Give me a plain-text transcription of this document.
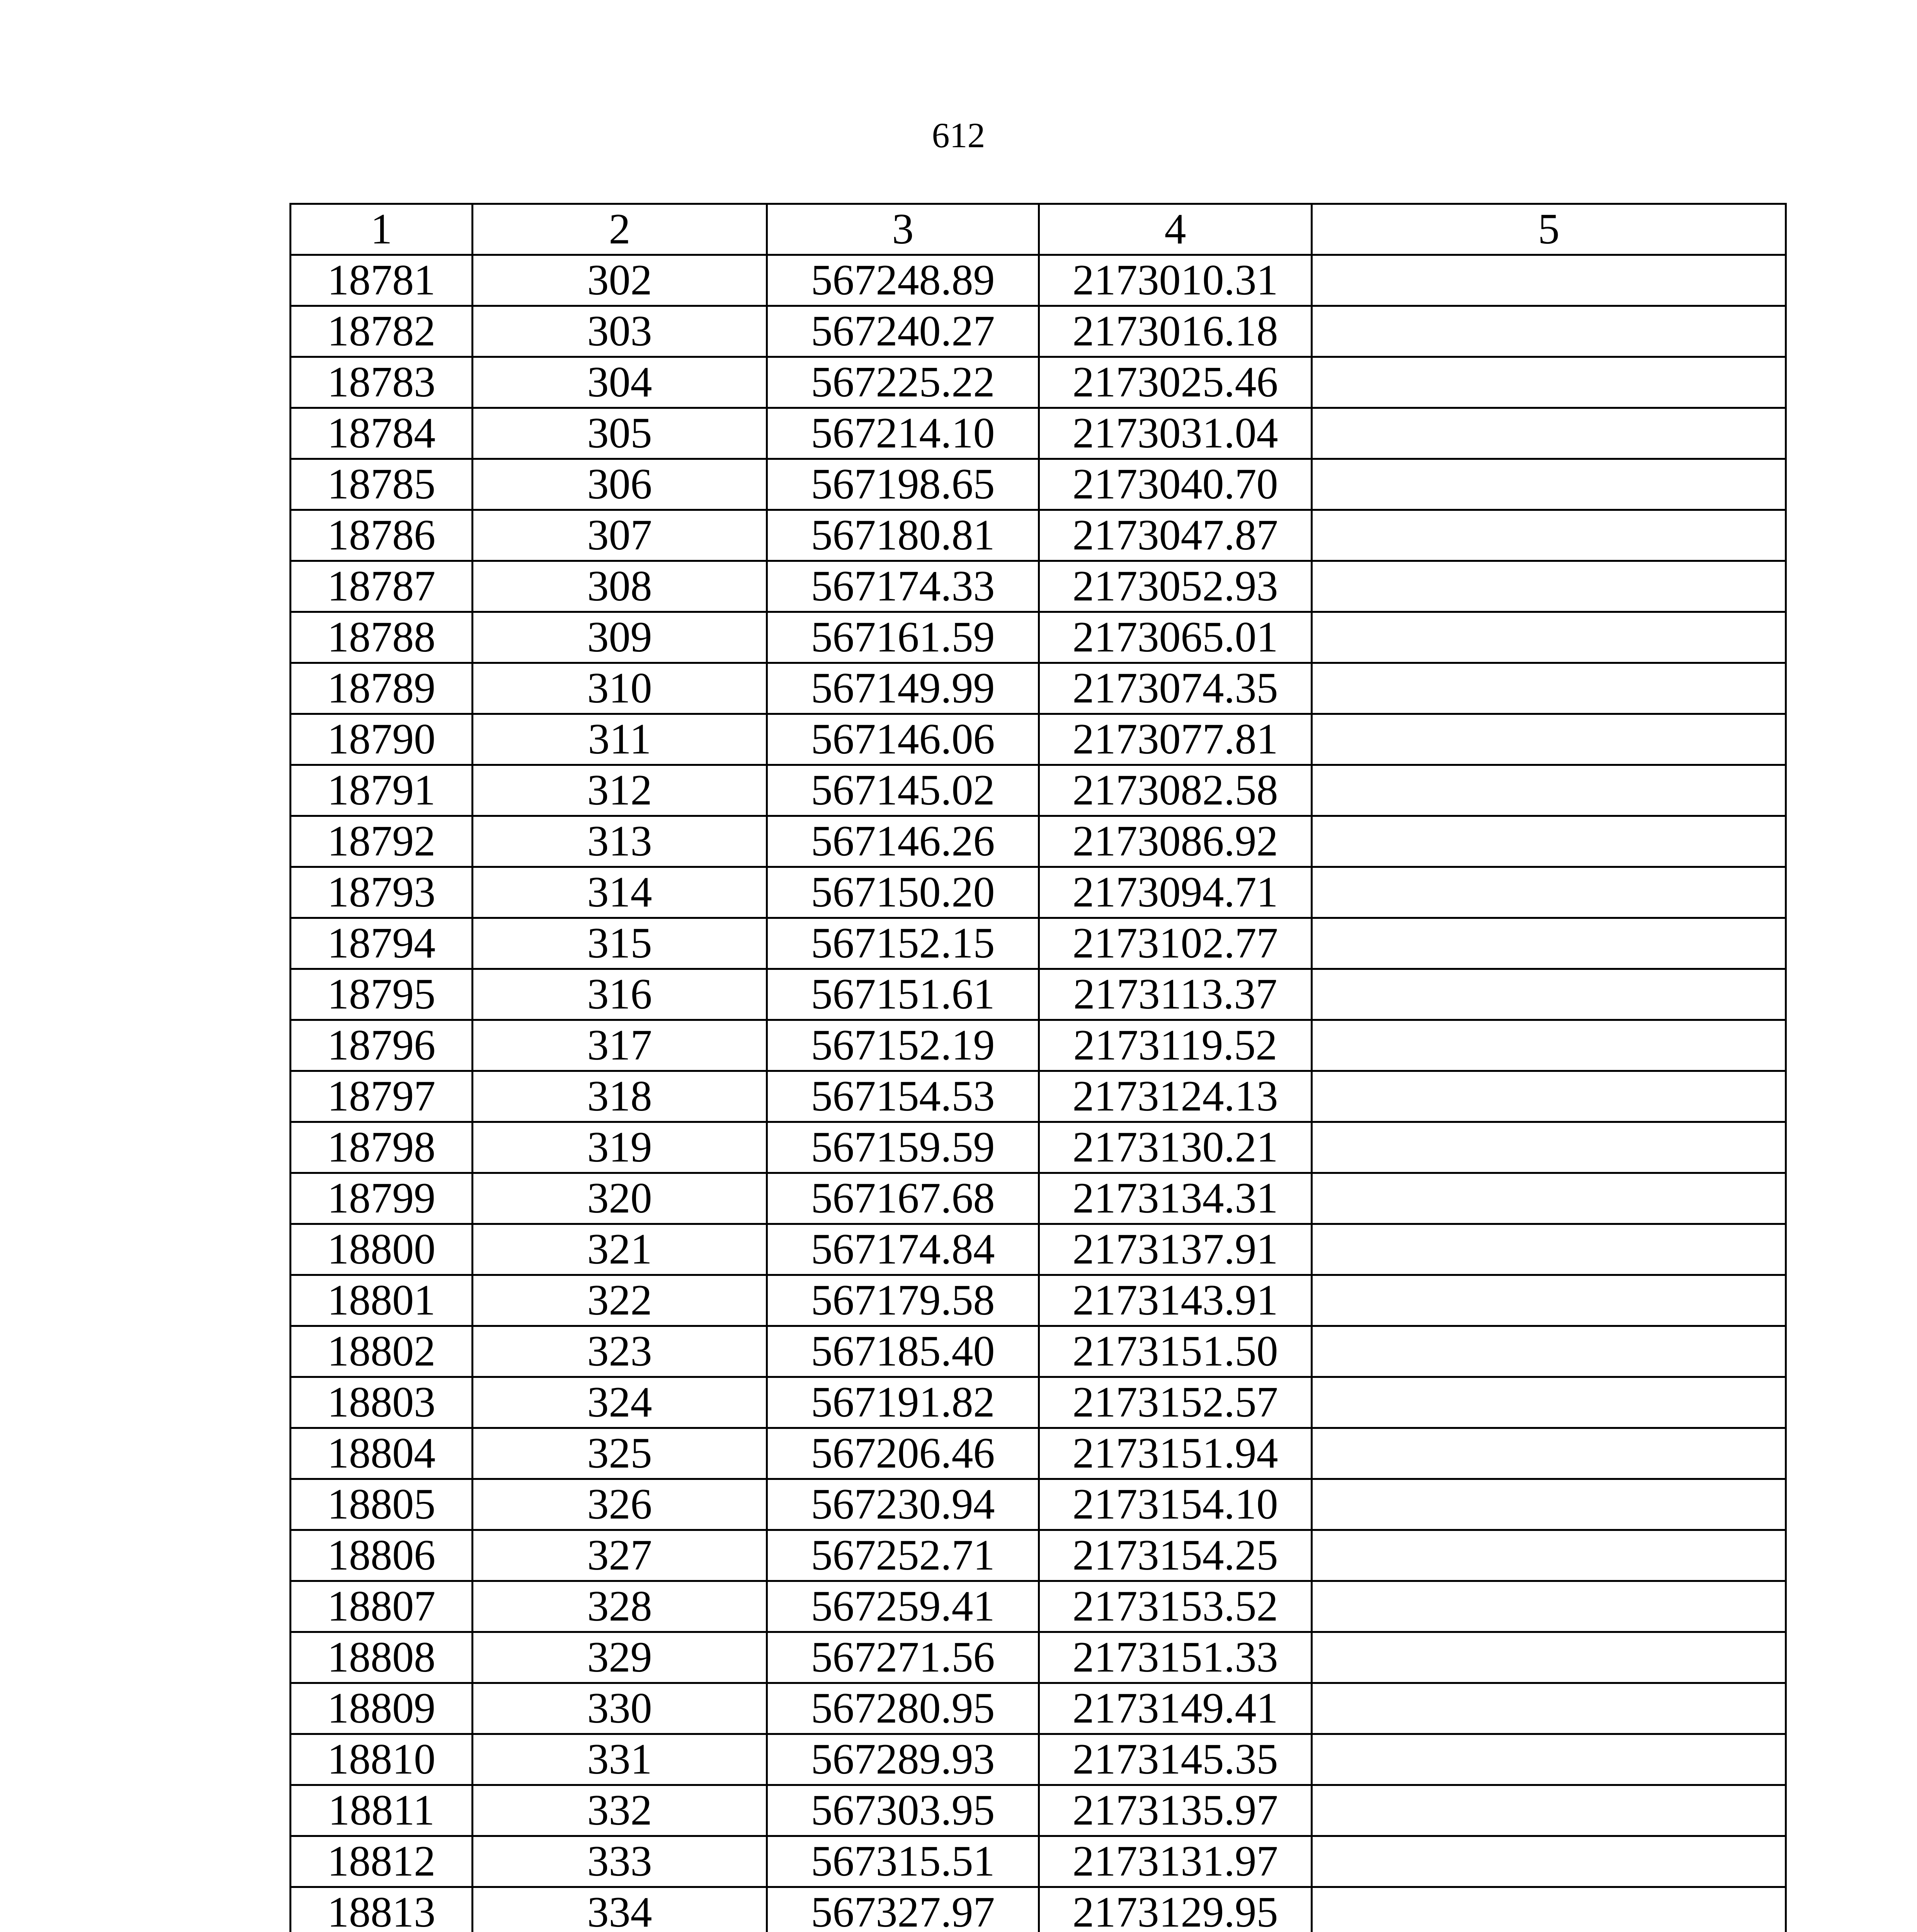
612
1	2	3	4	5
18781	302	567248.89	2173010.31	
18782	303	567240.27	2173016.18	
18783	304	567225.22	2173025.46	
18784	305	567214.10	2173031.04	
18785	306	567198.65	2173040.70	
18786	307	567180.81	2173047.87	
18787	308	567174.33	2173052.93	
18788	309	567161.59	2173065.01	
18789	310	567149.99	2173074.35	
18790	311	567146.06	2173077.81	
18791	312	567145.02	2173082.58	
18792	313	567146.26	2173086.92	
18793	314	567150.20	2173094.71	
18794	315	567152.15	2173102.77	
18795	316	567151.61	2173113.37	
18796	317	567152.19	2173119.52	
18797	318	567154.53	2173124.13	
18798	319	567159.59	2173130.21	
18799	320	567167.68	2173134.31	
18800	321	567174.84	2173137.91	
18801	322	567179.58	2173143.91	
18802	323	567185.40	2173151.50	
18803	324	567191.82	2173152.57	
18804	325	567206.46	2173151.94	
18805	326	567230.94	2173154.10	
18806	327	567252.71	2173154.25	
18807	328	567259.41	2173153.52	
18808	329	567271.56	2173151.33	
18809	330	567280.95	2173149.41	
18810	331	567289.93	2173145.35	
18811	332	567303.95	2173135.97	
18812	333	567315.51	2173131.97	
18813	334	567327.97	2173129.95	
